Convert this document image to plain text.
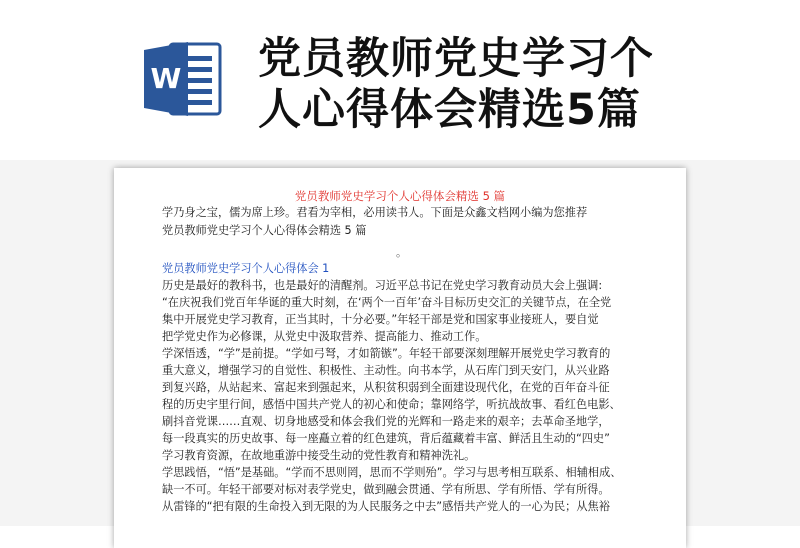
W 党员教师党史学习个
人心得体会精选5篇
党员教师党史学习个人心得体会精选 5 篇
学乃身之宝，儒为席上珍。君看为宰相，必用读书人。下面是众鑫文档网小编为您推荐
党员教师党史学习个人心得体会精选 5 篇
。
党员教师党史学习个人心得体会 1
历史是最好的教科书，也是最好的清醒剂。习近平总书记在党史学习教育动员大会上强调:
“在庆祝我们党百年华诞的重大时刻，在‘两个一百年’奋斗目标历史交汇的关键节点，在全党
集中开展党史学习教育，正当其时，十分必要。”年轻干部是党和国家事业接班人，要自觉
把学党史作为必修课，从党史中汲取营养、提高能力、推动工作。
学深悟透，“学”是前提。“学如弓弩，才如箭镞”。年轻干部要深刻理解开展党史学习教育的
重大意义，增强学习的自觉性、积极性、主动性。向书本学，从石库门到天安门，从兴业路
到复兴路，从站起来、富起来到强起来，从积贫积弱到全面建设现代化，在党的百年奋斗征
程的历史宇里行间，感悟中国共产党人的初心和使命；靠网络学，听抗战故事、看红色电影、
刷抖音党课……直观、切身地感受和体会我们党的光辉和一路走来的艰辛；去革命圣地学，
每一段真实的历史故事、每一座矗立着的红色建筑，背后蕴藏着丰富、鲜活且生动的“四史”
学习教育资源，在故地重游中接受生动的党性教育和精神洗礼。
学思践悟，“悟”是基础。“学而不思则罔，思而不学则殆”。学习与思考相互联系、相辅相成、
缺一不可。年轻干部要对标对表学党史，做到融会贯通、学有所思、学有所悟、学有所得。
从雷锋的“把有限的生命投入到无限的为人民服务之中去”感悟共产党人的一心为民；从焦裕
